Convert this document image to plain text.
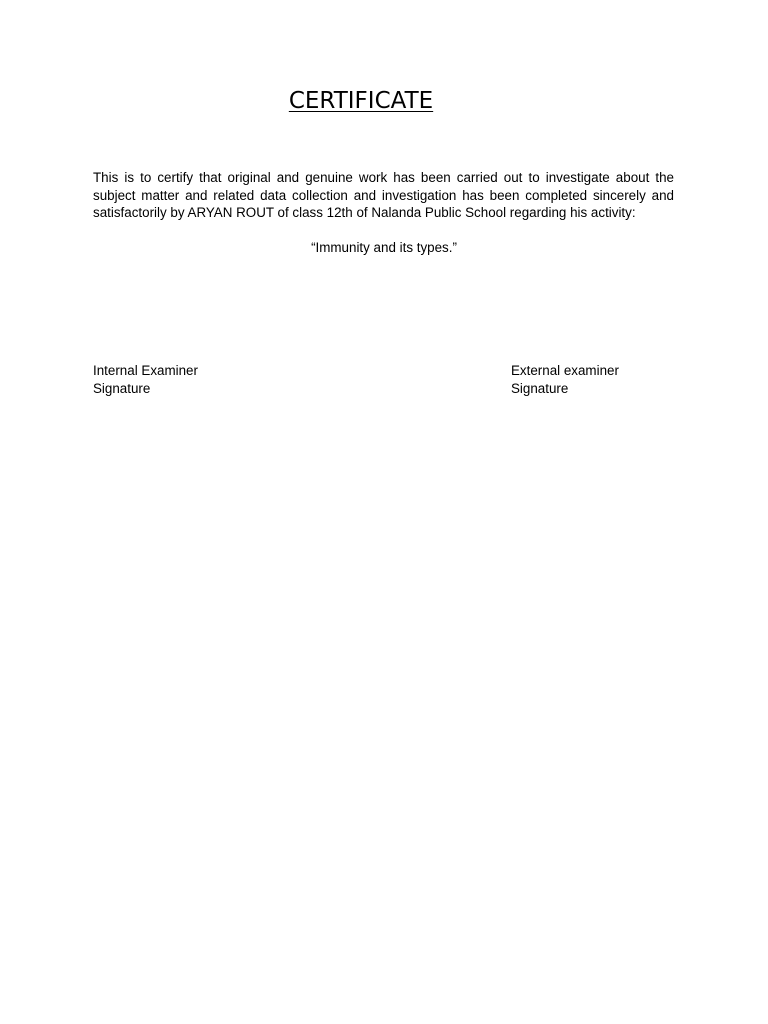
CERTIFICATE

This is to certify that original and genuine work has been carried out to investigate about the subject matter and related data collection and investigation has been completed sincerely and satisfactorily by ARYAN ROUT of class 12th of Nalanda Public School regarding his activity:

“Immunity and its types.”

Internal Examiner
Signature
External examiner
Signature
